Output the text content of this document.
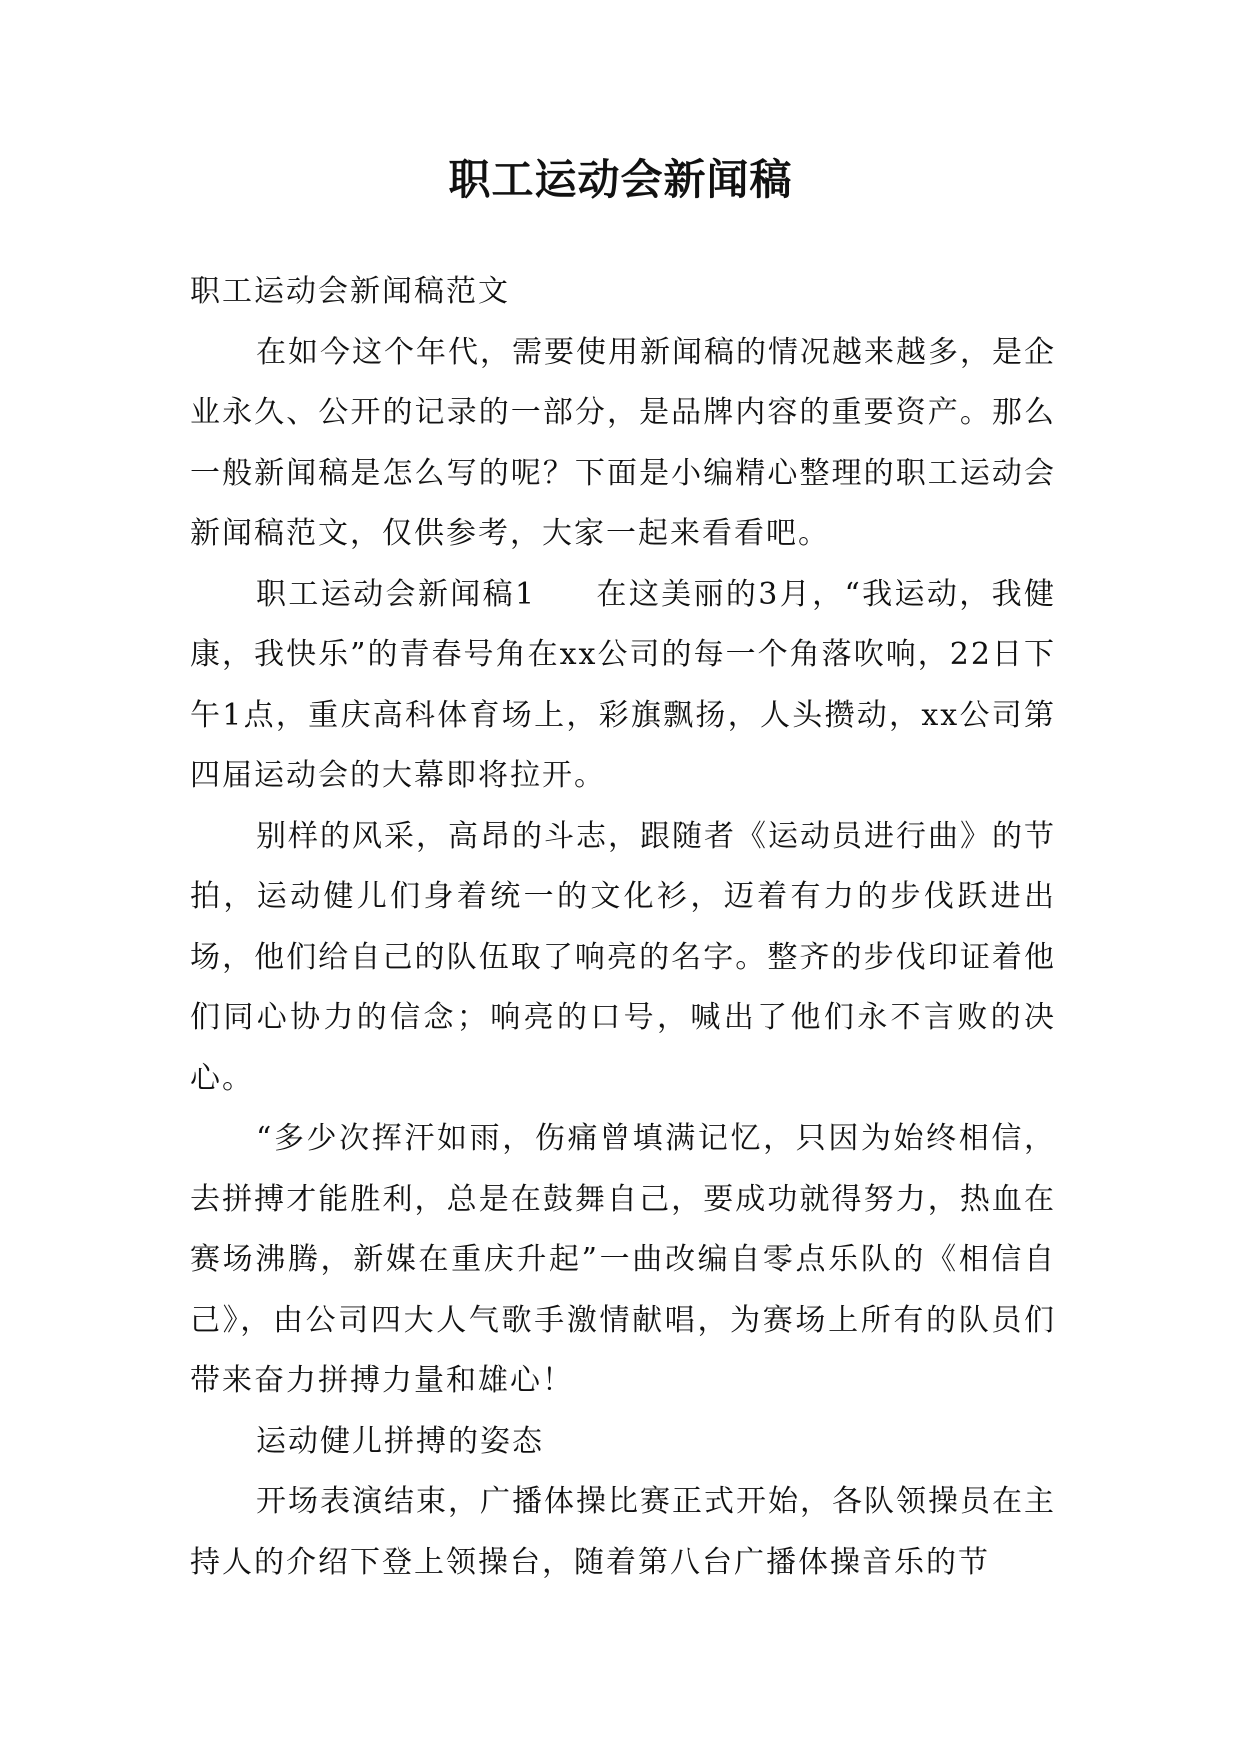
职工运动会新闻稿

职工运动会新闻稿范文

在如今这个年代，需要使用新闻稿的情况越来越多，是企业永久、公开的记录的一部分，是品牌内容的重要资产。那么一般新闻稿是怎么写的呢？下面是小编精心整理的职工运动会新闻稿范文，仅供参考，大家一起来看看吧。

职工运动会新闻稿1 在这美丽的3月，“我运动，我健康，我快乐”的青春号角在xx公司的每一个角落吹响，22日下午1点，重庆高科体育场上，彩旗飘扬，人头攒动，xx公司第四届运动会的大幕即将拉开。

别样的风采，高昂的斗志，跟随者《运动员进行曲》的节拍，运动健儿们身着统一的文化衫，迈着有力的步伐跃进出场，他们给自己的队伍取了响亮的名字。整齐的步伐印证着他们同心协力的信念；响亮的口号，喊出了他们永不言败的决心。

“多少次挥汗如雨，伤痛曾填满记忆，只因为始终相信，去拼搏才能胜利，总是在鼓舞自己，要成功就得努力，热血在赛场沸腾，新媒在重庆升起”一曲改编自零点乐队的《相信自己》，由公司四大人气歌手激情献唱，为赛场上所有的队员们带来奋力拼搏力量和雄心！

运动健儿拼搏的姿态

开场表演结束，广播体操比赛正式开始，各队领操员在主持人的介绍下登上领操台，随着第八台广播体操音乐的节
